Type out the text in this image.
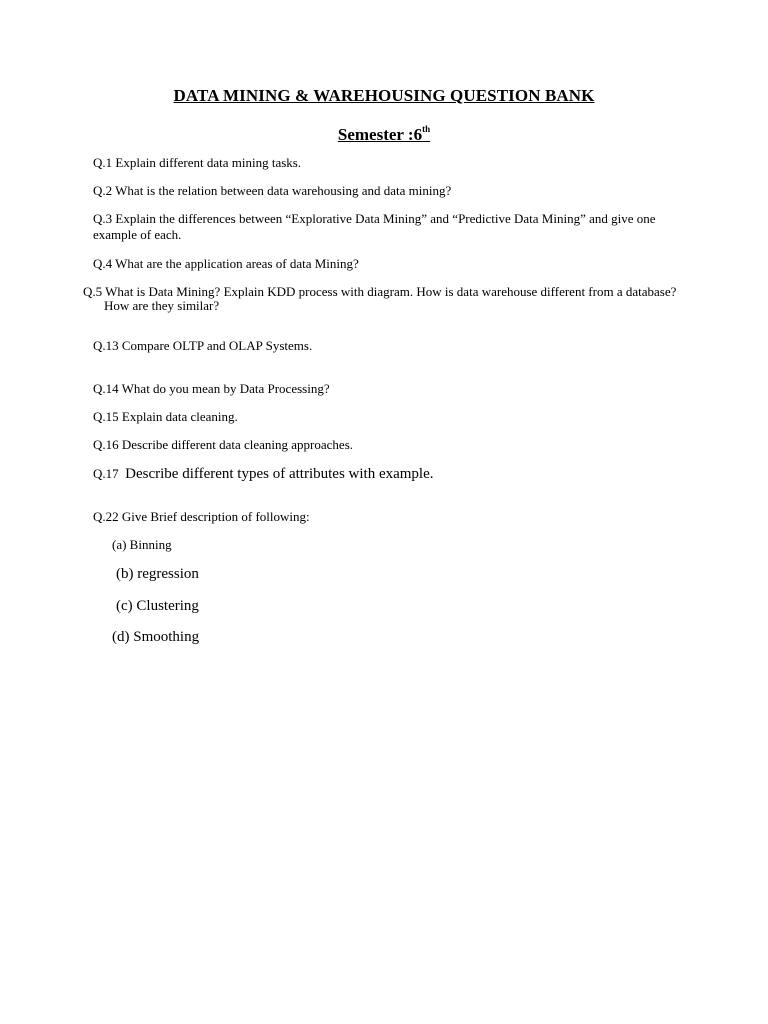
DATA MINING & WAREHOUSING QUESTION BANK
Semester :6th
Q.1 Explain different data mining tasks.
Q.2 What is the relation between data warehousing and data mining?
Q.3 Explain the differences between “Explorative Data Mining” and “Predictive Data Mining” and give one
example of each.
Q.4 What are the application areas of data Mining?
Q.5 What is Data Mining? Explain KDD process with diagram. How is data warehouse different from a database?
How are they similar?
Q.13 Compare OLTP and OLAP Systems.
Q.14 What do you mean by Data Processing?
Q.15 Explain data cleaning.
Q.16 Describe different data cleaning approaches.
Q.17 Describe different types of attributes with example.
Q.22 Give Brief description of following:
(a) Binning
(b) regression
(c) Clustering
(d) Smoothing
